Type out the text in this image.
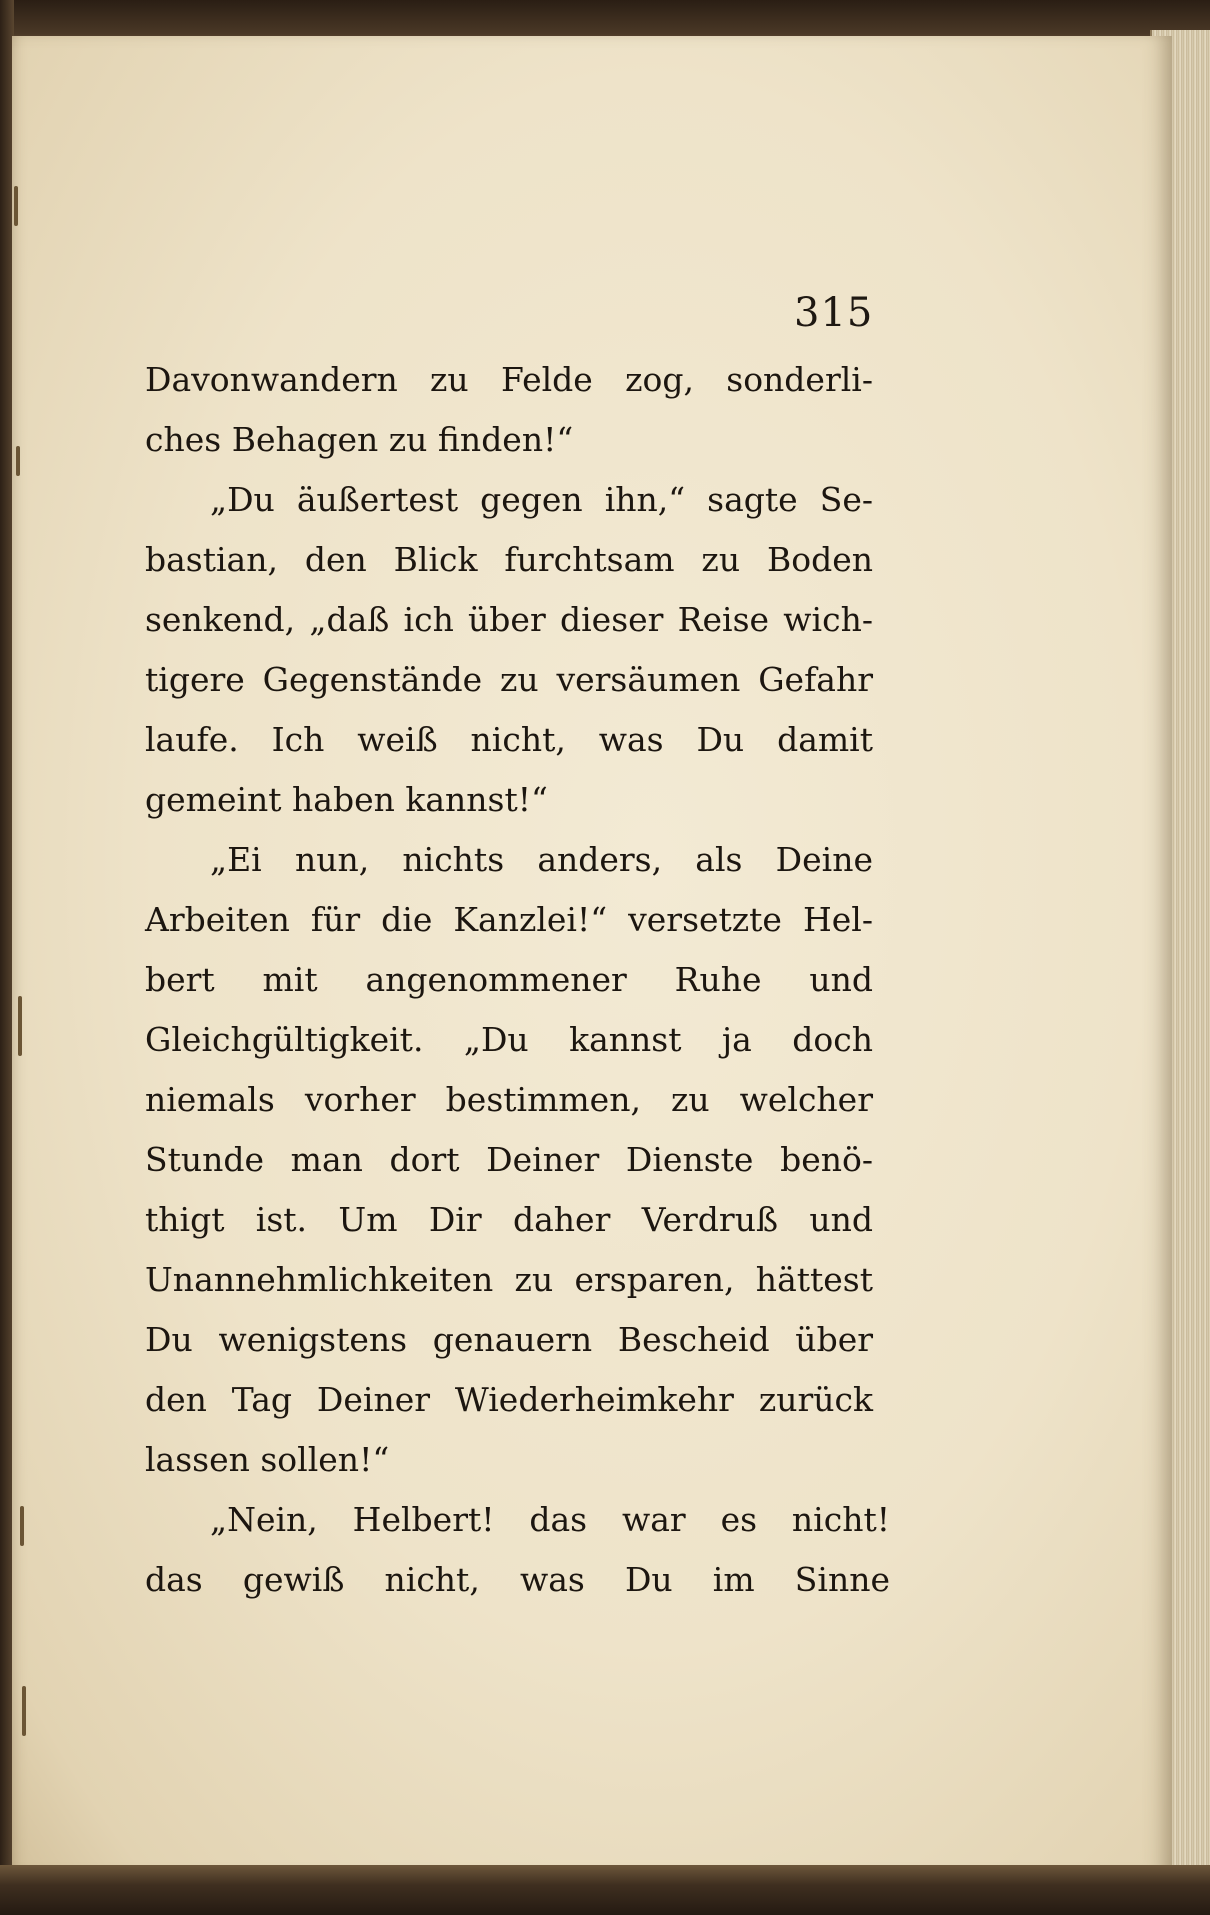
315
Davonwandern zu Felde zog, sonderli-
ches Behagen zu finden!“
„Du äußertest gegen ihn,“ sagte Se-
bastian, den Blick furchtsam zu Boden
senkend, „daß ich über dieser Reise wich-
tigere Gegenstände zu versäumen Gefahr
laufe. Ich weiß nicht, was Du damit
gemeint haben kannst!“
„Ei nun, nichts anders, als Deine
Arbeiten für die Kanzlei!“ versetzte Hel-
bert mit angenommener Ruhe und
Gleichgültigkeit. „Du kannst ja doch
niemals vorher bestimmen, zu welcher
Stunde man dort Deiner Dienste benö-
thigt ist. Um Dir daher Verdruß und
Unannehmlichkeiten zu ersparen, hättest
Du wenigstens genauern Bescheid über
den Tag Deiner Wiederheimkehr zurück
lassen sollen!“
„Nein, Helbert! das war es nicht!
das gewiß nicht, was Du im Sinne
